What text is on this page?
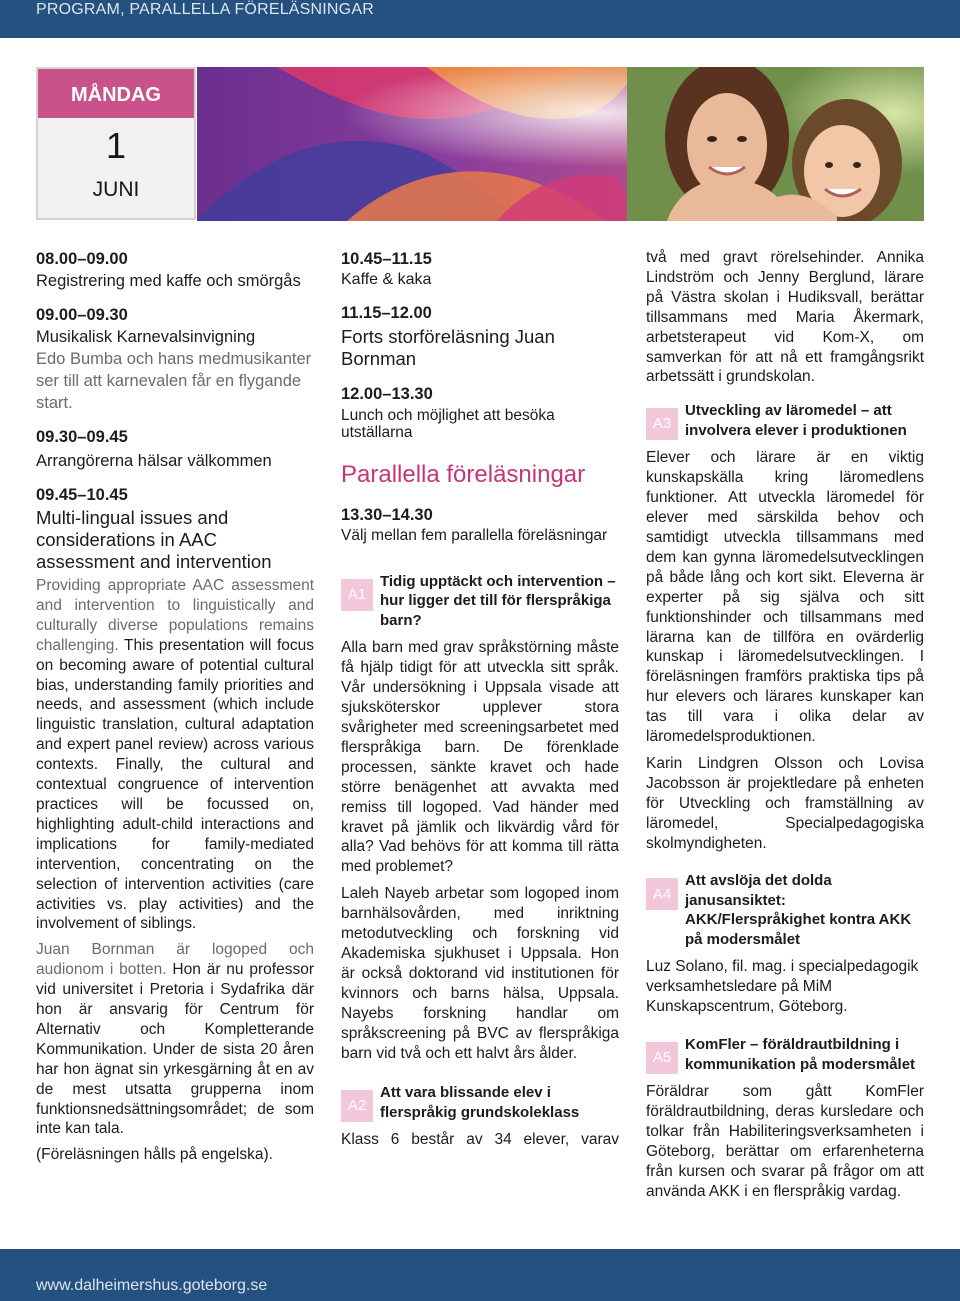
PROGRAM, PARALLELLA FÖRELÄSNINGAR
MÅNDAG
1
JUNI
08.00–09.00
Registrering med kaffe och smörgås
09.00–09.30
Musikalisk Karnevalsinvigning
Edo Bumba och hans medmusikanter ser till att karnevalen får en flygande start.
09.30–09.45
Arrangörerna hälsar välkommen
09.45–10.45
Multi-lingual issues and considerations in AAC assessment and intervention
Providing appropriate AAC assessment and intervention to linguistically and culturally diverse populations remains challenging. This presentation will focus on becoming aware of potential cultural bias, understanding family priorities and needs, and assessment (which include linguistic translation, cultural adaptation and expert panel review) across various contexts. Finally, the cultural and contextual congruence of intervention practices will be focussed on, highlighting adult-child interactions and implications for family-mediated intervention, concentrating on the selection of intervention activities (care activities vs. play activities) and the involvement of siblings.
Juan Bornman är logoped och audionom i botten. Hon är nu professor vid universitet i Pretoria i Sydafrika där hon är ansvarig för Centrum för Alternativ och Kompletterande Kommunikation. Under de sista 20 åren har hon ägnat sin yrkesgärning åt en av de mest utsatta grupperna inom funktionsnedsättningsområdet; de som inte kan tala.
(Föreläsningen hålls på engelska).
10.45–11.15
Kaffe & kaka
11.15–12.00
Forts storföreläsning Juan Bornman
12.00–13.30
Lunch och möjlighet att besöka utställarna
Parallella föreläsningar
13.30–14.30
Välj mellan fem parallella föreläsningar
A1
Tidig upptäckt och intervention – hur ligger det till för flerspråkiga barn?
Alla barn med grav språkstörning måste få hjälp tidigt för att utveckla sitt språk. Vår undersökning i Uppsala visade att sjuksköterskor upplever stora svårigheter med screeningsarbetet med flerspråkiga barn. De förenklade processen, sänkte kravet och hade större benägenhet att avvakta med remiss till logoped. Vad händer med kravet på jämlik och likvärdig vård för alla? Vad behövs för att komma till rätta med problemet?
Laleh Nayeb arbetar som logoped inom barnhälsovården, med inriktning metodutveckling och forskning vid Akademiska sjukhuset i Uppsala. Hon är också doktorand vid institutionen för kvinnors och barns hälsa, Uppsala. Nayebs forskning handlar om språkscreening på BVC av flerspråkiga barn vid två och ett halvt års ålder.
A2
Att vara blissande elev i flerspråkig grundskoleklass
Klass 6 består av 34 elever, varav
två med gravt rörelsehinder. Annika Lindström och Jenny Berglund, lärare på Västra skolan i Hudiksvall, berättar tillsammans med Maria Åkermark, arbetsterapeut vid Kom-X, om samverkan för att nå ett framgångsrikt arbetssätt i grundskolan.
A3
Utveckling av läromedel – att involvera elever i produktionen
Elever och lärare är en viktig kunskapskälla kring läromedlens funktioner. Att utveckla läromedel för elever med särskilda behov och samtidigt utveckla tillsammans med dem kan gynna läromedelsutvecklingen på både lång och kort sikt. Eleverna är experter på sig själva och sitt funktionshinder och tillsammans med lärarna kan de tillföra en ovärderlig kunskap i läromedelsutvecklingen. I föreläsningen framförs praktiska tips på hur elevers och lärares kunskaper kan tas till vara i olika delar av läromedelsproduktionen.
Karin Lindgren Olsson och Lovisa Jacobsson är projektledare på enheten för Utveckling och framställning av läromedel, Specialpedagogiska skolmyndigheten.
A4
Att avslöja det dolda janusansiktet: AKK/Flerspråkighet kontra AKK på modersmålet
Luz Solano, fil. mag. i specialpedagogik verksamhetsledare på MiM Kunskapscentrum, Göteborg.
A5
KomFler – föräldrautbildning i kommunikation på modersmålet
Föräldrar som gått KomFler föräldrautbildning, deras kursledare och tolkar från Habiliteringsverksamheten i Göteborg, berättar om erfarenheterna från kursen och svarar på frågor om att använda AKK i en flerspråkig vardag.
www.dalheimershus.goteborg.se
